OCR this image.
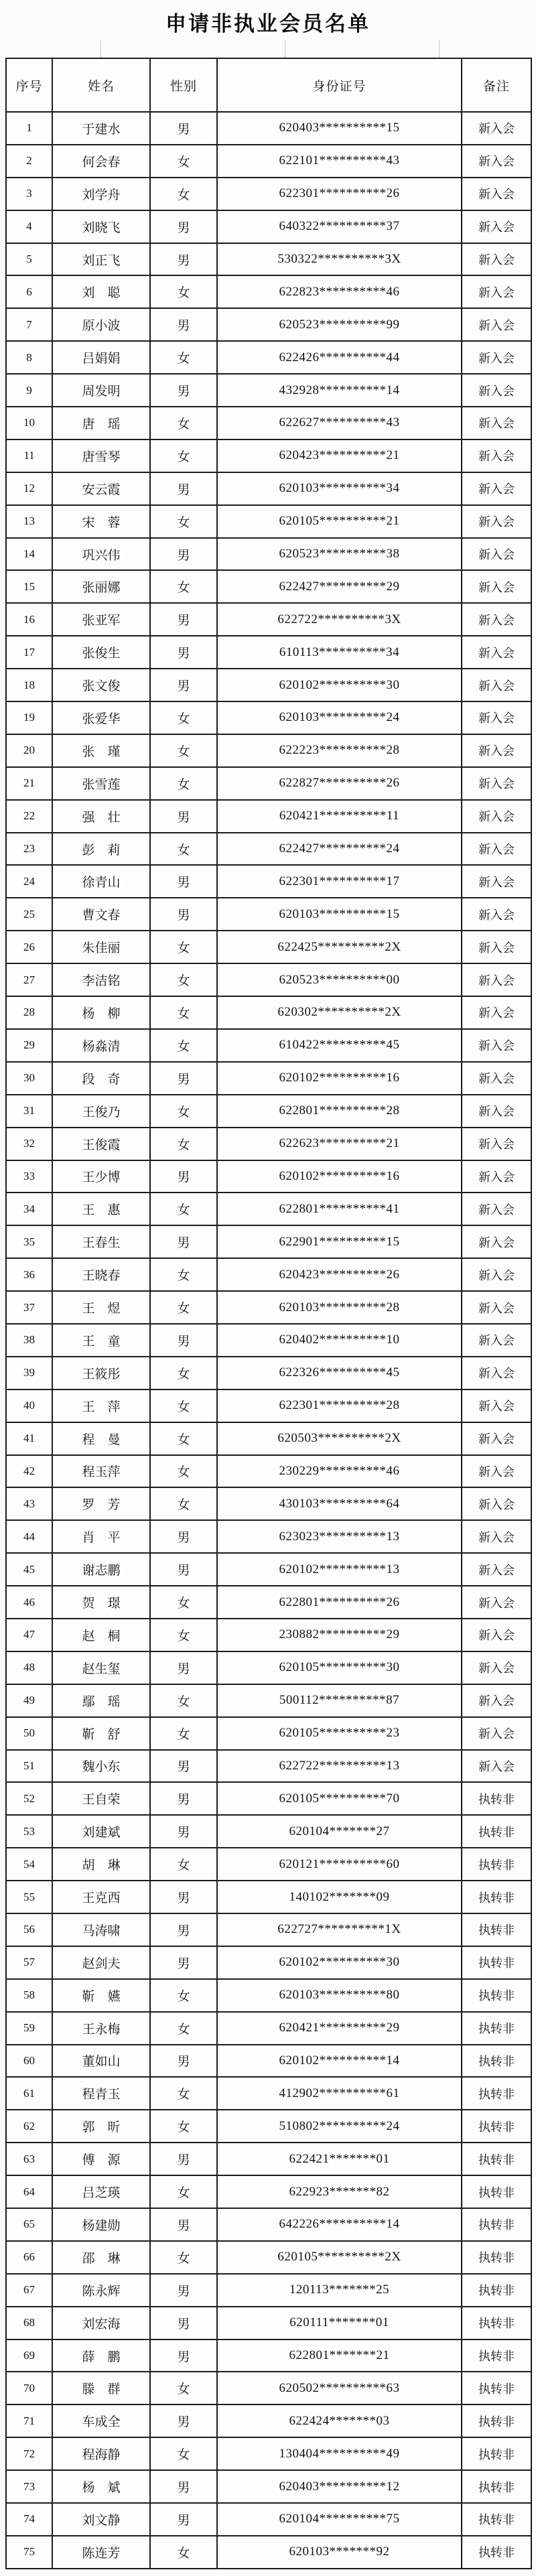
申请非执业会员名单
序号	姓名	性别	身份证号	备注
1	于建水	男	620403**********15	新入会
2	何会春	女	622101**********43	新入会
3	刘学舟	女	622301**********26	新入会
4	刘晓飞	男	640322**********37	新入会
5	刘正飞	男	530322**********3X	新入会
6	刘　聪	女	622823**********46	新入会
7	原小波	男	620523**********99	新入会
8	吕娟娟	女	622426**********44	新入会
9	周发明	男	432928**********14	新入会
10	唐　瑶	女	622627**********43	新入会
11	唐雪琴	女	620423**********21	新入会
12	安云霞	男	620103**********34	新入会
13	宋　蓉	女	620105**********21	新入会
14	巩兴伟	男	620523**********38	新入会
15	张丽娜	女	622427**********29	新入会
16	张亚军	男	622722**********3X	新入会
17	张俊生	男	610113**********34	新入会
18	张文俊	男	620102**********30	新入会
19	张爱华	女	620103**********24	新入会
20	张　瑾	女	622223**********28	新入会
21	张雪莲	女	622827**********26	新入会
22	强　壮	男	620421**********11	新入会
23	彭　莉	女	622427**********24	新入会
24	徐青山	男	622301**********17	新入会
25	曹文春	男	620103**********15	新入会
26	朱佳丽	女	622425**********2X	新入会
27	李洁铭	女	620523**********00	新入会
28	杨　柳	女	620302**********2X	新入会
29	杨淼清	女	610422**********45	新入会
30	段　奇	男	620102**********16	新入会
31	王俊乃	女	622801**********28	新入会
32	王俊霞	女	622623**********21	新入会
33	王少博	男	620102**********16	新入会
34	王　惠	女	622801**********41	新入会
35	王春生	男	622901**********15	新入会
36	王晓春	女	620423**********26	新入会
37	王　煜	女	620103**********28	新入会
38	王　童	男	620402**********10	新入会
39	王筱彤	女	622326**********45	新入会
40	王　萍	女	622301**********28	新入会
41	程　曼	女	620503**********2X	新入会
42	程玉萍	女	230229**********46	新入会
43	罗　芳	女	430103**********64	新入会
44	肖　平	男	623023**********13	新入会
45	谢志鹏	男	620102**********13	新入会
46	贺　璟	女	622801**********26	新入会
47	赵　桐	女	230882**********29	新入会
48	赵生玺	男	620105**********30	新入会
49	鄢　瑶	女	500112**********87	新入会
50	靳　舒	女	620105**********23	新入会
51	魏小东	男	622722**********13	新入会
52	王自荣	男	620105**********70	执转非
53	刘建斌	男	620104*******27	执转非
54	胡　琳	女	620121**********60	执转非
55	王克西	男	140102*******09	执转非
56	马涛啸	男	622727**********1X	执转非
57	赵剑夫	男	620102**********30	执转非
58	靳　嬿	女	620103**********80	执转非
59	王永梅	女	620421**********29	执转非
60	董如山	男	620102**********14	执转非
61	程青玉	女	412902**********61	执转非
62	郭　昕	女	510802**********24	执转非
63	傅　源	男	622421*******01	执转非
64	吕芝瑛	女	622923*******82	执转非
65	杨建勋	男	642226**********14	执转非
66	邵　琳	女	620105**********2X	执转非
67	陈永辉	男	120113*******25	执转非
68	刘宏海	男	620111*******01	执转非
69	薛　鹏	男	622801*******21	执转非
70	滕　群	女	620502**********63	执转非
71	车成全	男	622424*******03	执转非
72	程海静	女	130404**********49	执转非
73	杨　斌	男	620403**********12	执转非
74	刘文静	男	620104**********75	执转非
75	陈连芳	女	620103*******92	执转非
